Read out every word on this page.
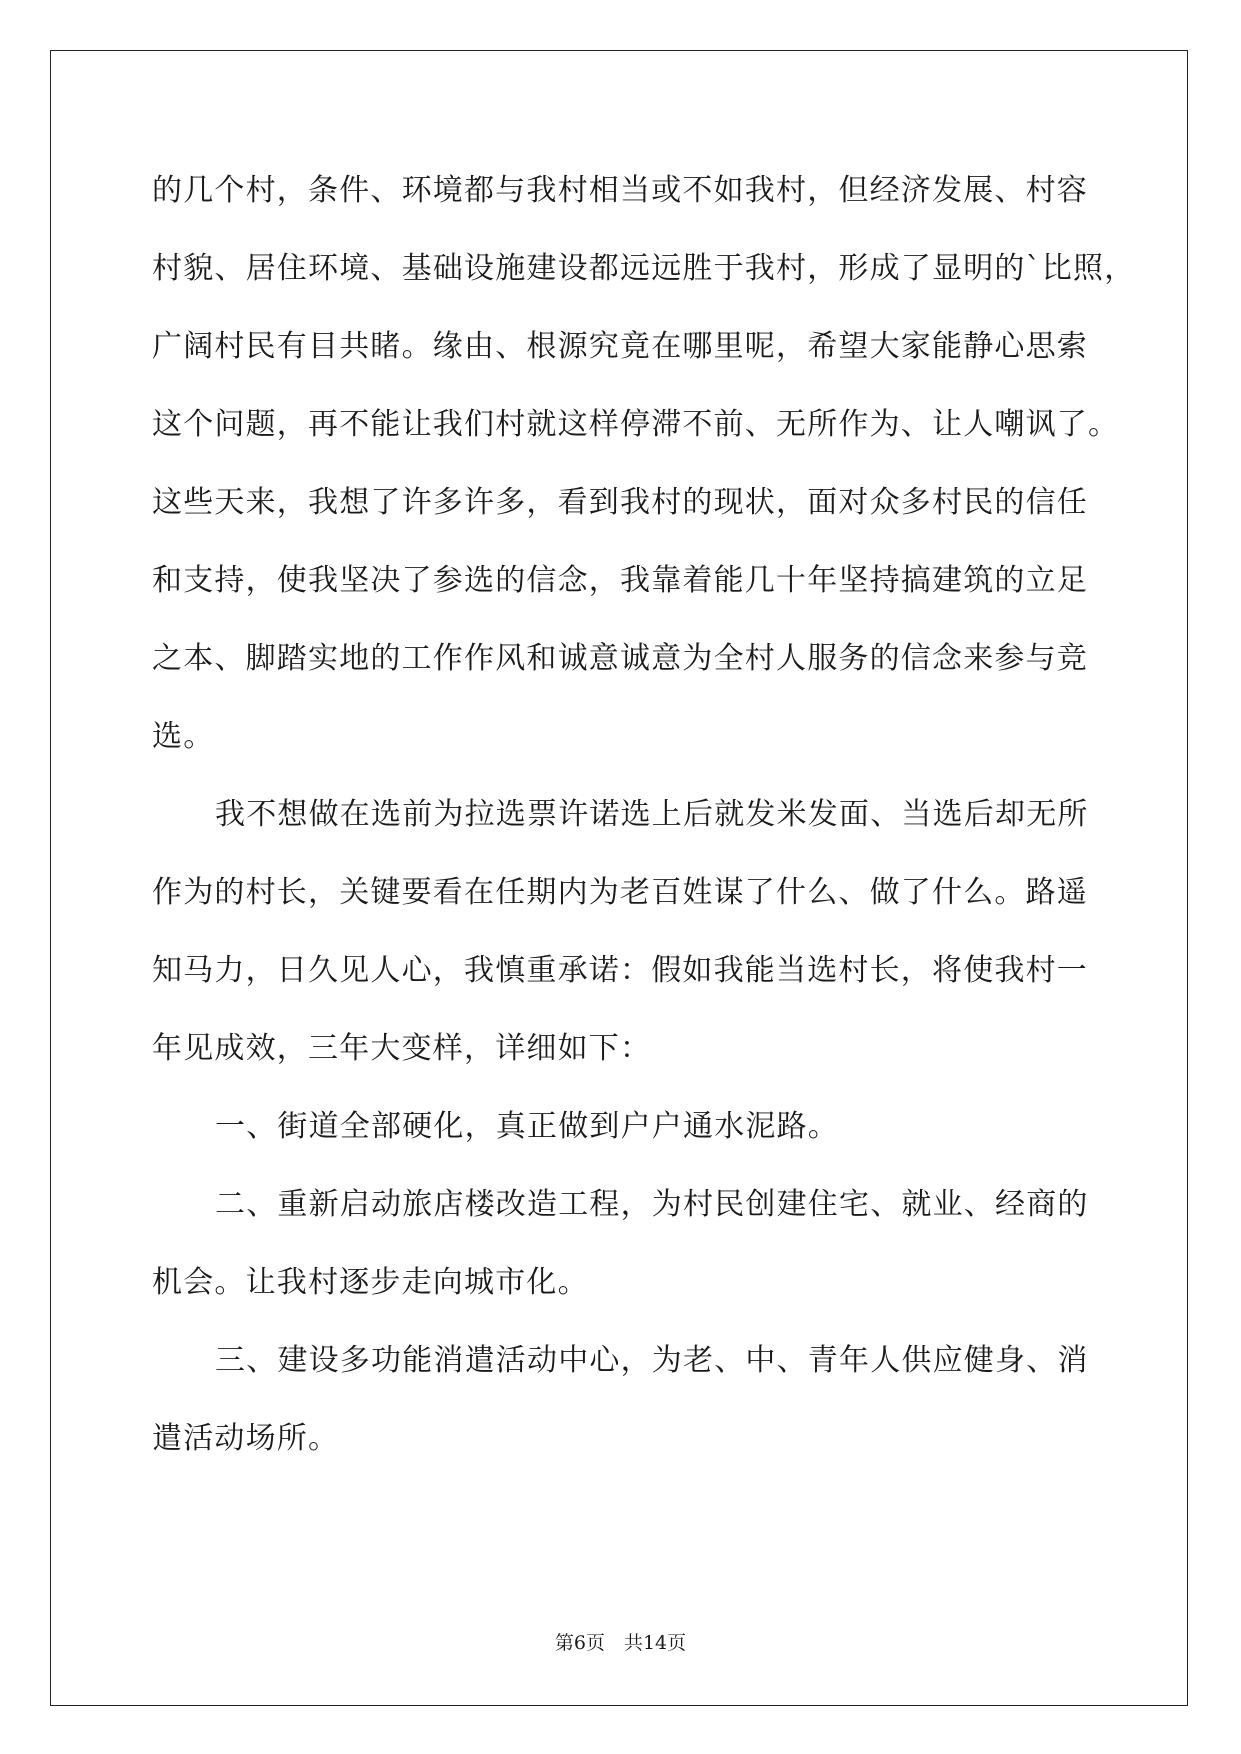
的几个村，条件、环境都与我村相当或不如我村，但经济发展、村容
村貌、居住环境、基础设施建设都远远胜于我村，形成了显明的`比照，
广阔村民有目共睹。缘由、根源究竟在哪里呢，希望大家能静心思索
这个问题，再不能让我们村就这样停滞不前、无所作为、让人嘲讽了。
这些天来，我想了许多许多，看到我村的现状，面对众多村民的信任
和支持，使我坚决了参选的信念，我靠着能几十年坚持搞建筑的立足
之本、脚踏实地的工作作风和诚意诚意为全村人服务的信念来参与竞
选。
我不想做在选前为拉选票许诺选上后就发米发面、当选后却无所
作为的村长，关键要看在任期内为老百姓谋了什么、做了什么。路遥
知马力，日久见人心，我慎重承诺：假如我能当选村长，将使我村一
年见成效，三年大变样，详细如下：
一、街道全部硬化，真正做到户户通水泥路。
二、重新启动旅店楼改造工程，为村民创建住宅、就业、经商的
机会。让我村逐步走向城市化。
三、建设多功能消遣活动中心，为老、中、青年人供应健身、消
遣活动场所。
第6页　共14页
